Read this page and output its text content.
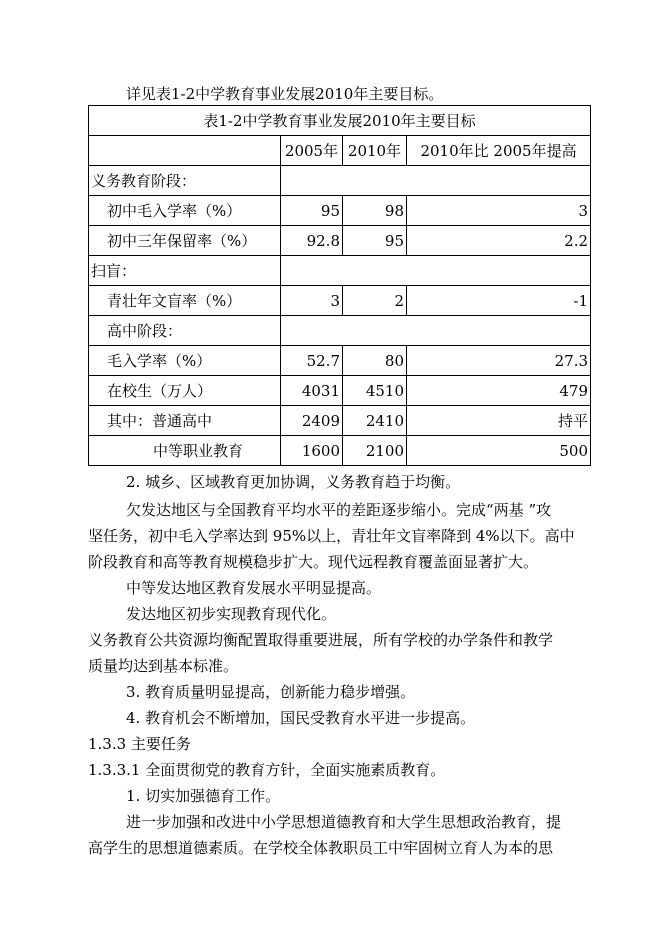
详见表1-2中学教育事业发展2010年主要目标。
表1-2中学教育事业发展2010年主要目标			
	2005年	2010年	2010年比 2005年提高
义务教育阶段：			
初中毛入学率（%）	95	98	3
初中三年保留率（%）	92.8	95	2.2
扫盲：			
青壮年文盲率（%）	3	2	-1
高中阶段：			
毛入学率（%）	52.7	80	27.3
在校生（万人）	4031	4510	479
其中：普通高中	2409	2410	持平
中等职业教育	1600	2100	500
2. 城乡、区域教育更加协调，义务教育趋于均衡。
欠发达地区与全国教育平均水平的差距逐步缩小。完成“两基 ”攻
坚任务，初中毛入学率达到 95%以上，青壮年文盲率降到 4%以下。高中
阶段教育和高等教育规模稳步扩大。现代远程教育覆盖面显著扩大。
中等发达地区教育发展水平明显提高。
发达地区初步实现教育现代化。
义务教育公共资源均衡配置取得重要进展，所有学校的办学条件和教学
质量均达到基本标准。
3. 教育质量明显提高，创新能力稳步增强。
4. 教育机会不断增加，国民受教育水平进一步提高。
1.3.3 主要任务
1.3.3.1 全面贯彻党的教育方针，全面实施素质教育。
1. 切实加强德育工作。
进一步加强和改进中小学思想道德教育和大学生思想政治教育，提
高学生的思想道德素质。在学校全体教职员工中牢固树立育人为本的思
